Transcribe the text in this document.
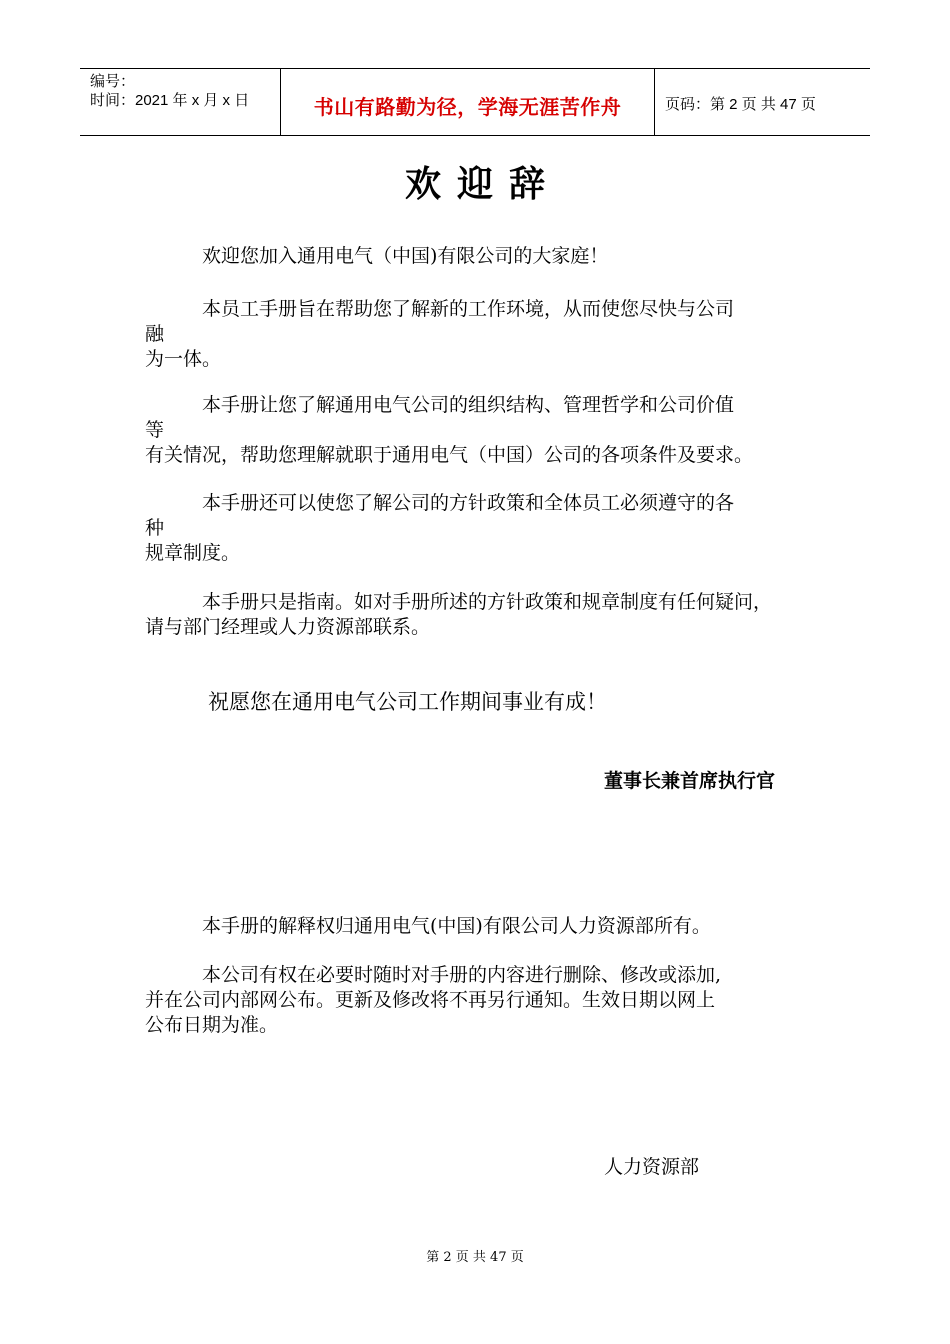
编号：
时间：2021 年 x 月 x 日	书山有路勤为径，学海无涯苦作舟	页码：第 2 页 共 47 页
欢迎辞
欢迎您加入通用电气（中国)有限公司的大家庭！
本员工手册旨在帮助您了解新的工作环境，从而使您尽快与公司
融
为一体。
本手册让您了解通用电气公司的组织结构、管理哲学和公司价值
等
有关情况，帮助您理解就职于通用电气（中国）公司的各项条件及要求。
本手册还可以使您了解公司的方针政策和全体员工必须遵守的各
种
规章制度。
本手册只是指南。如对手册所述的方针政策和规章制度有任何疑问，
请与部门经理或人力资源部联系。
祝愿您在通用电气公司工作期间事业有成！
董事长兼首席执行官
本手册的解释权归通用电气(中国)有限公司人力资源部所有。
本公司有权在必要时随时对手册的内容进行删除、修改或添加,
并在公司内部网公布。更新及修改将不再另行通知。生效日期以网上
公布日期为准。
人力资源部
第 2 页 共 47 页
